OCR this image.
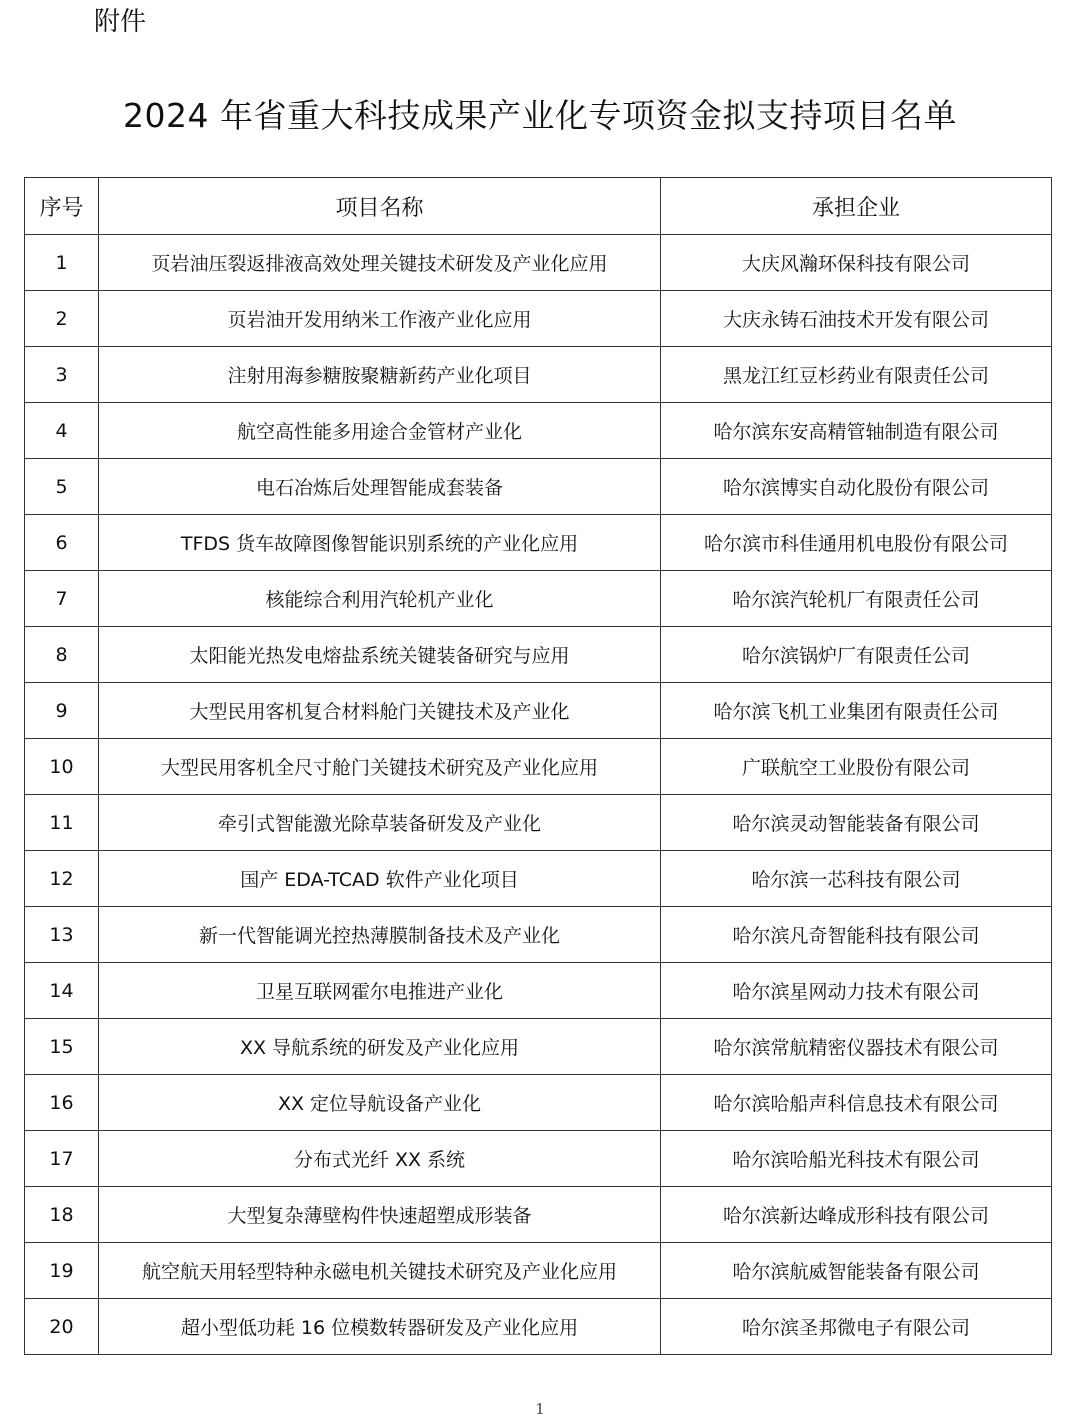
附件
2024 年省重大科技成果产业化专项资金拟支持项目名单
序号	项目名称	承担企业
1	页岩油压裂返排液高效处理关键技术研发及产业化应用	大庆风瀚环保科技有限公司
2	页岩油开发用纳米工作液产业化应用	大庆永铸石油技术开发有限公司
3	注射用海参糖胺聚糖新药产业化项目	黑龙江红豆杉药业有限责任公司
4	航空高性能多用途合金管材产业化	哈尔滨东安高精管轴制造有限公司
5	电石冶炼后处理智能成套装备	哈尔滨博实自动化股份有限公司
6	TFDS 货车故障图像智能识别系统的产业化应用	哈尔滨市科佳通用机电股份有限公司
7	核能综合利用汽轮机产业化	哈尔滨汽轮机厂有限责任公司
8	太阳能光热发电熔盐系统关键装备研究与应用	哈尔滨锅炉厂有限责任公司
9	大型民用客机复合材料舱门关键技术及产业化	哈尔滨飞机工业集团有限责任公司
10	大型民用客机全尺寸舱门关键技术研究及产业化应用	广联航空工业股份有限公司
11	牵引式智能激光除草装备研发及产业化	哈尔滨灵动智能装备有限公司
12	国产 EDA-TCAD 软件产业化项目	哈尔滨一芯科技有限公司
13	新一代智能调光控热薄膜制备技术及产业化	哈尔滨凡奇智能科技有限公司
14	卫星互联网霍尔电推进产业化	哈尔滨星网动力技术有限公司
15	XX 导航系统的研发及产业化应用	哈尔滨常航精密仪器技术有限公司
16	XX 定位导航设备产业化	哈尔滨哈船声科信息技术有限公司
17	分布式光纤 XX 系统	哈尔滨哈船光科技术有限公司
18	大型复杂薄壁构件快速超塑成形装备	哈尔滨新达峰成形科技有限公司
19	航空航天用轻型特种永磁电机关键技术研究及产业化应用	哈尔滨航威智能装备有限公司
20	超小型低功耗 16 位模数转器研发及产业化应用	哈尔滨圣邦微电子有限公司
1
